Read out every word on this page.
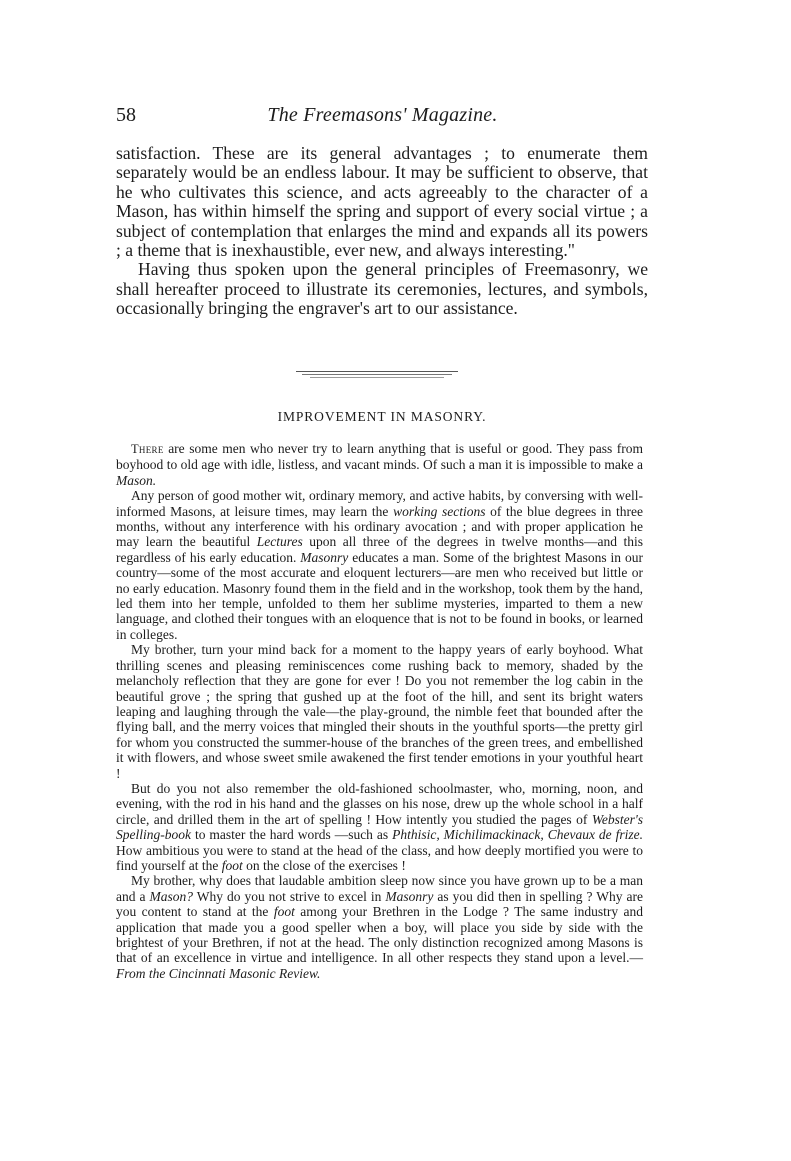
58	The Freemasons' Magazine.

satisfaction. These are its general advantages ; to enumerate them separately would be an endless labour. It may be sufficient to observe, that he who cultivates this science, and acts agreeably to the character of a Mason, has within himself the spring and support of every social virtue ; a subject of contemplation that enlarges the mind and expands all its powers ; a theme that is inexhaustible, ever new, and always interesting."

Having thus spoken upon the general principles of Freemasonry, we shall hereafter proceed to illustrate its ceremonies, lectures, and symbols, occasionally bringing the engraver's art to our assistance.

IMPROVEMENT IN MASONRY.

There are some men who never try to learn anything that is useful or good. They pass from boyhood to old age with idle, listless, and vacant minds. Of such a man it is impossible to make a Mason.

Any person of good mother wit, ordinary memory, and active habits, by conversing with well-informed Masons, at leisure times, may learn the working sections of the blue degrees in three months, without any interference with his ordinary avocation ; and with proper application he may learn the beautiful Lectures upon all three of the degrees in twelve months—and this regardless of his early education. Masonry educates a man. Some of the brightest Masons in our country—some of the most accurate and eloquent lecturers—are men who received but little or no early education. Masonry found them in the field and in the workshop, took them by the hand, led them into her temple, unfolded to them her sublime mysteries, imparted to them a new language, and clothed their tongues with an eloquence that is not to be found in books, or learned in colleges.

My brother, turn your mind back for a moment to the happy years of early boyhood. What thrilling scenes and pleasing reminiscences come rushing back to memory, shaded by the melancholy reflection that they are gone for ever ! Do you not remember the log cabin in the beautiful grove ; the spring that gushed up at the foot of the hill, and sent its bright waters leaping and laughing through the vale—the play-ground, the nimble feet that bounded after the flying ball, and the merry voices that mingled their shouts in the youthful sports—the pretty girl for whom you constructed the summer-house of the branches of the green trees, and embellished it with flowers, and whose sweet smile awakened the first tender emotions in your youthful heart !

But do you not also remember the old-fashioned schoolmaster, who, morning, noon, and evening, with the rod in his hand and the glasses on his nose, drew up the whole school in a half circle, and drilled them in the art of spelling ! How intently you studied the pages of Webster's Spelling-book to master the hard words —such as Phthisic, Michilimackinack, Chevaux de frize. How ambitious you were to stand at the head of the class, and how deeply mortified you were to find yourself at the foot on the close of the exercises !

My brother, why does that laudable ambition sleep now since you have grown up to be a man and a Mason? Why do you not strive to excel in Masonry as you did then in spelling ? Why are you content to stand at the foot among your Brethren in the Lodge ? The same industry and application that made you a good speller when a boy, will place you side by side with the brightest of your Brethren, if not at the head. The only distinction recognized among Masons is that of an excellence in virtue and intelligence. In all other respects they stand upon a level.—From the Cincinnati Masonic Review.
